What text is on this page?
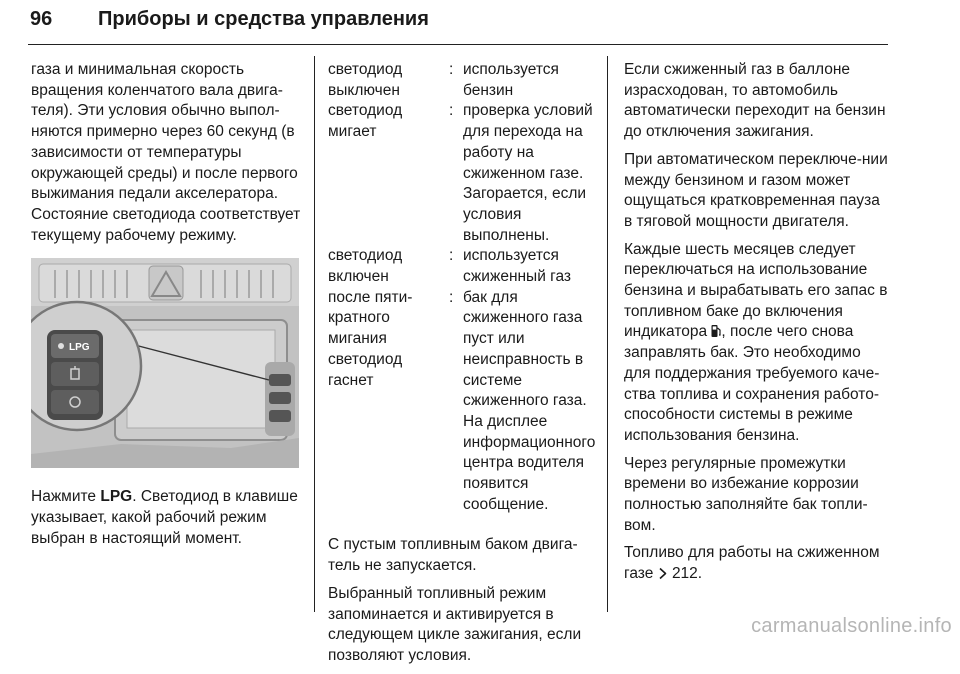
96 Приборы и средства управления

газа и минимальная скорость вращения коленчатого вала двига-теля). Эти условия обычно выпол-няются примерно через 60 секунд (в зависимости от температуры окружающей среды) и после первого выжимания педали акселератора. Состояние светодиода соответствует текущему рабочему режиму.

LPG

Нажмите LPG. Светодиод в клавише указывает, какой рабочий режим выбран в настоящий момент.

светодиод выключен
: используется бензин
светодиод мигает
: проверка условий для перехода на работу на сжиженном газе. Загорается, если условия выполнены.
светодиод включен
: используется сжиженный газ
после пяти-кратного мигания светодиод гаснет
: бак для сжиженного газа пуст или неисправность в системе сжиженного газа. На дисплее информационного центра водителя появится сообщение.

С пустым топливным баком двига-тель не запускается.

Выбранный топливный режим запоминается и активируется в следующем цикле зажигания, если позволяют условия.

Если сжиженный газ в баллоне израсходован, то автомобиль автоматически переходит на бензин до отключения зажигания.

При автоматическом переключе-нии между бензином и газом может ощущаться кратковременная пауза в тяговой мощности двигателя.

Каждые шесть месяцев следует переключаться на использование бензина и вырабатывать его запас в топливном баке до включения индикатора , после чего снова заправлять бак. Это необходимо для поддержания требуемого каче-ства топлива и сохранения работо-способности системы в режиме использования бензина.

Через регулярные промежутки времени во избежание коррозии полностью заполняйте бак топли-вом.

Топливо для работы на сжиженном газе 212.

carmanualsonline.info
